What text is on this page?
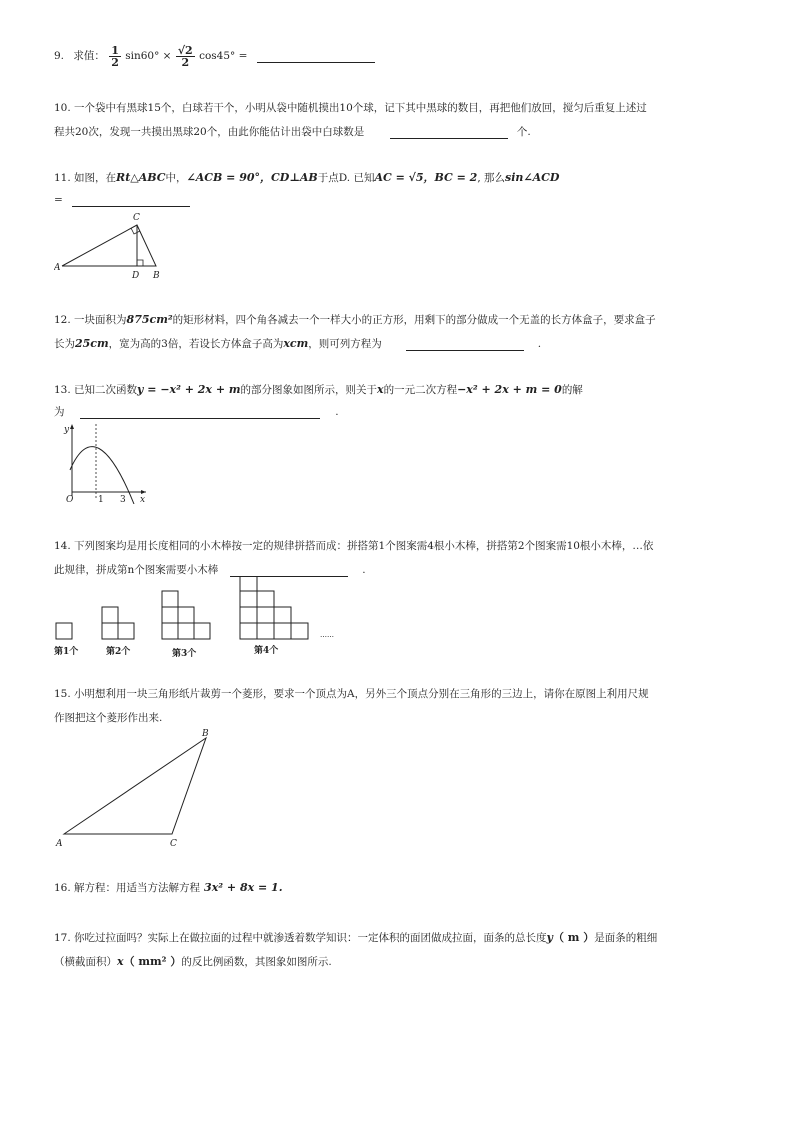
9. 求值： $\frac{1}{2} \sin 60^\circ \times \frac{√2}{2} \cos 45^\circ$ =
10. 一个袋中有黑球15个，白球若干个，小明从袋中随机摸出10个球，记下其中黑球的数目，再把他们放回，搅匀后重复上述过
程共20次，发现一共摸出黑球20个，由此你能估计出袋中白球数是	个.
11. 如图，在Rt△ABC中，∠ACB = 90°，CD⊥AB于点D. 已知AC = √5，BC = 2, 那么sin∠ACD
=
C
A
D B
12. 一块面积为875cm²的矩形材料，四个角各减去一个一样大小的正方形，用剩下的部分做成一个无盖的长方体盒子，要求盒子
长为25cm，宽为高的3倍，若设长方体盒子高为xcm，则可列方程为	.
13. 已知二次函数y = −x² + 2x + m的部分图象如图所示，则关于x的一元二次方程−x² + 2x + m = 0的解
为	.
y
O	1 3 x
14. 下列图案均是用长度相同的小木棒按一定的规律拼搭而成：拼搭第1个图案需4根小木棒，拼搭第2个图案需10根小木棒，…依
此规律，拼成第n个图案需要小木棒	.
……
第1个	第2个	第3个	第4个
15. 小明想利用一块三角形纸片裁剪一个菱形，要求一个顶点为A，另外三个顶点分别在三角形的三边上，请你在原图上利用尺规
作图把这个菱形作出来.
B
A	C
16. 解方程：用适当方法解方程 3x² + 8x = 1.
17. 你吃过拉面吗？实际上在做拉面的过程中就渗透着数学知识：一定体积的面团做成拉面，面条的总长度y（ m ）是面条的粗细
（横截面积）x（ mm² ）的反比例函数，其图象如图所示.
